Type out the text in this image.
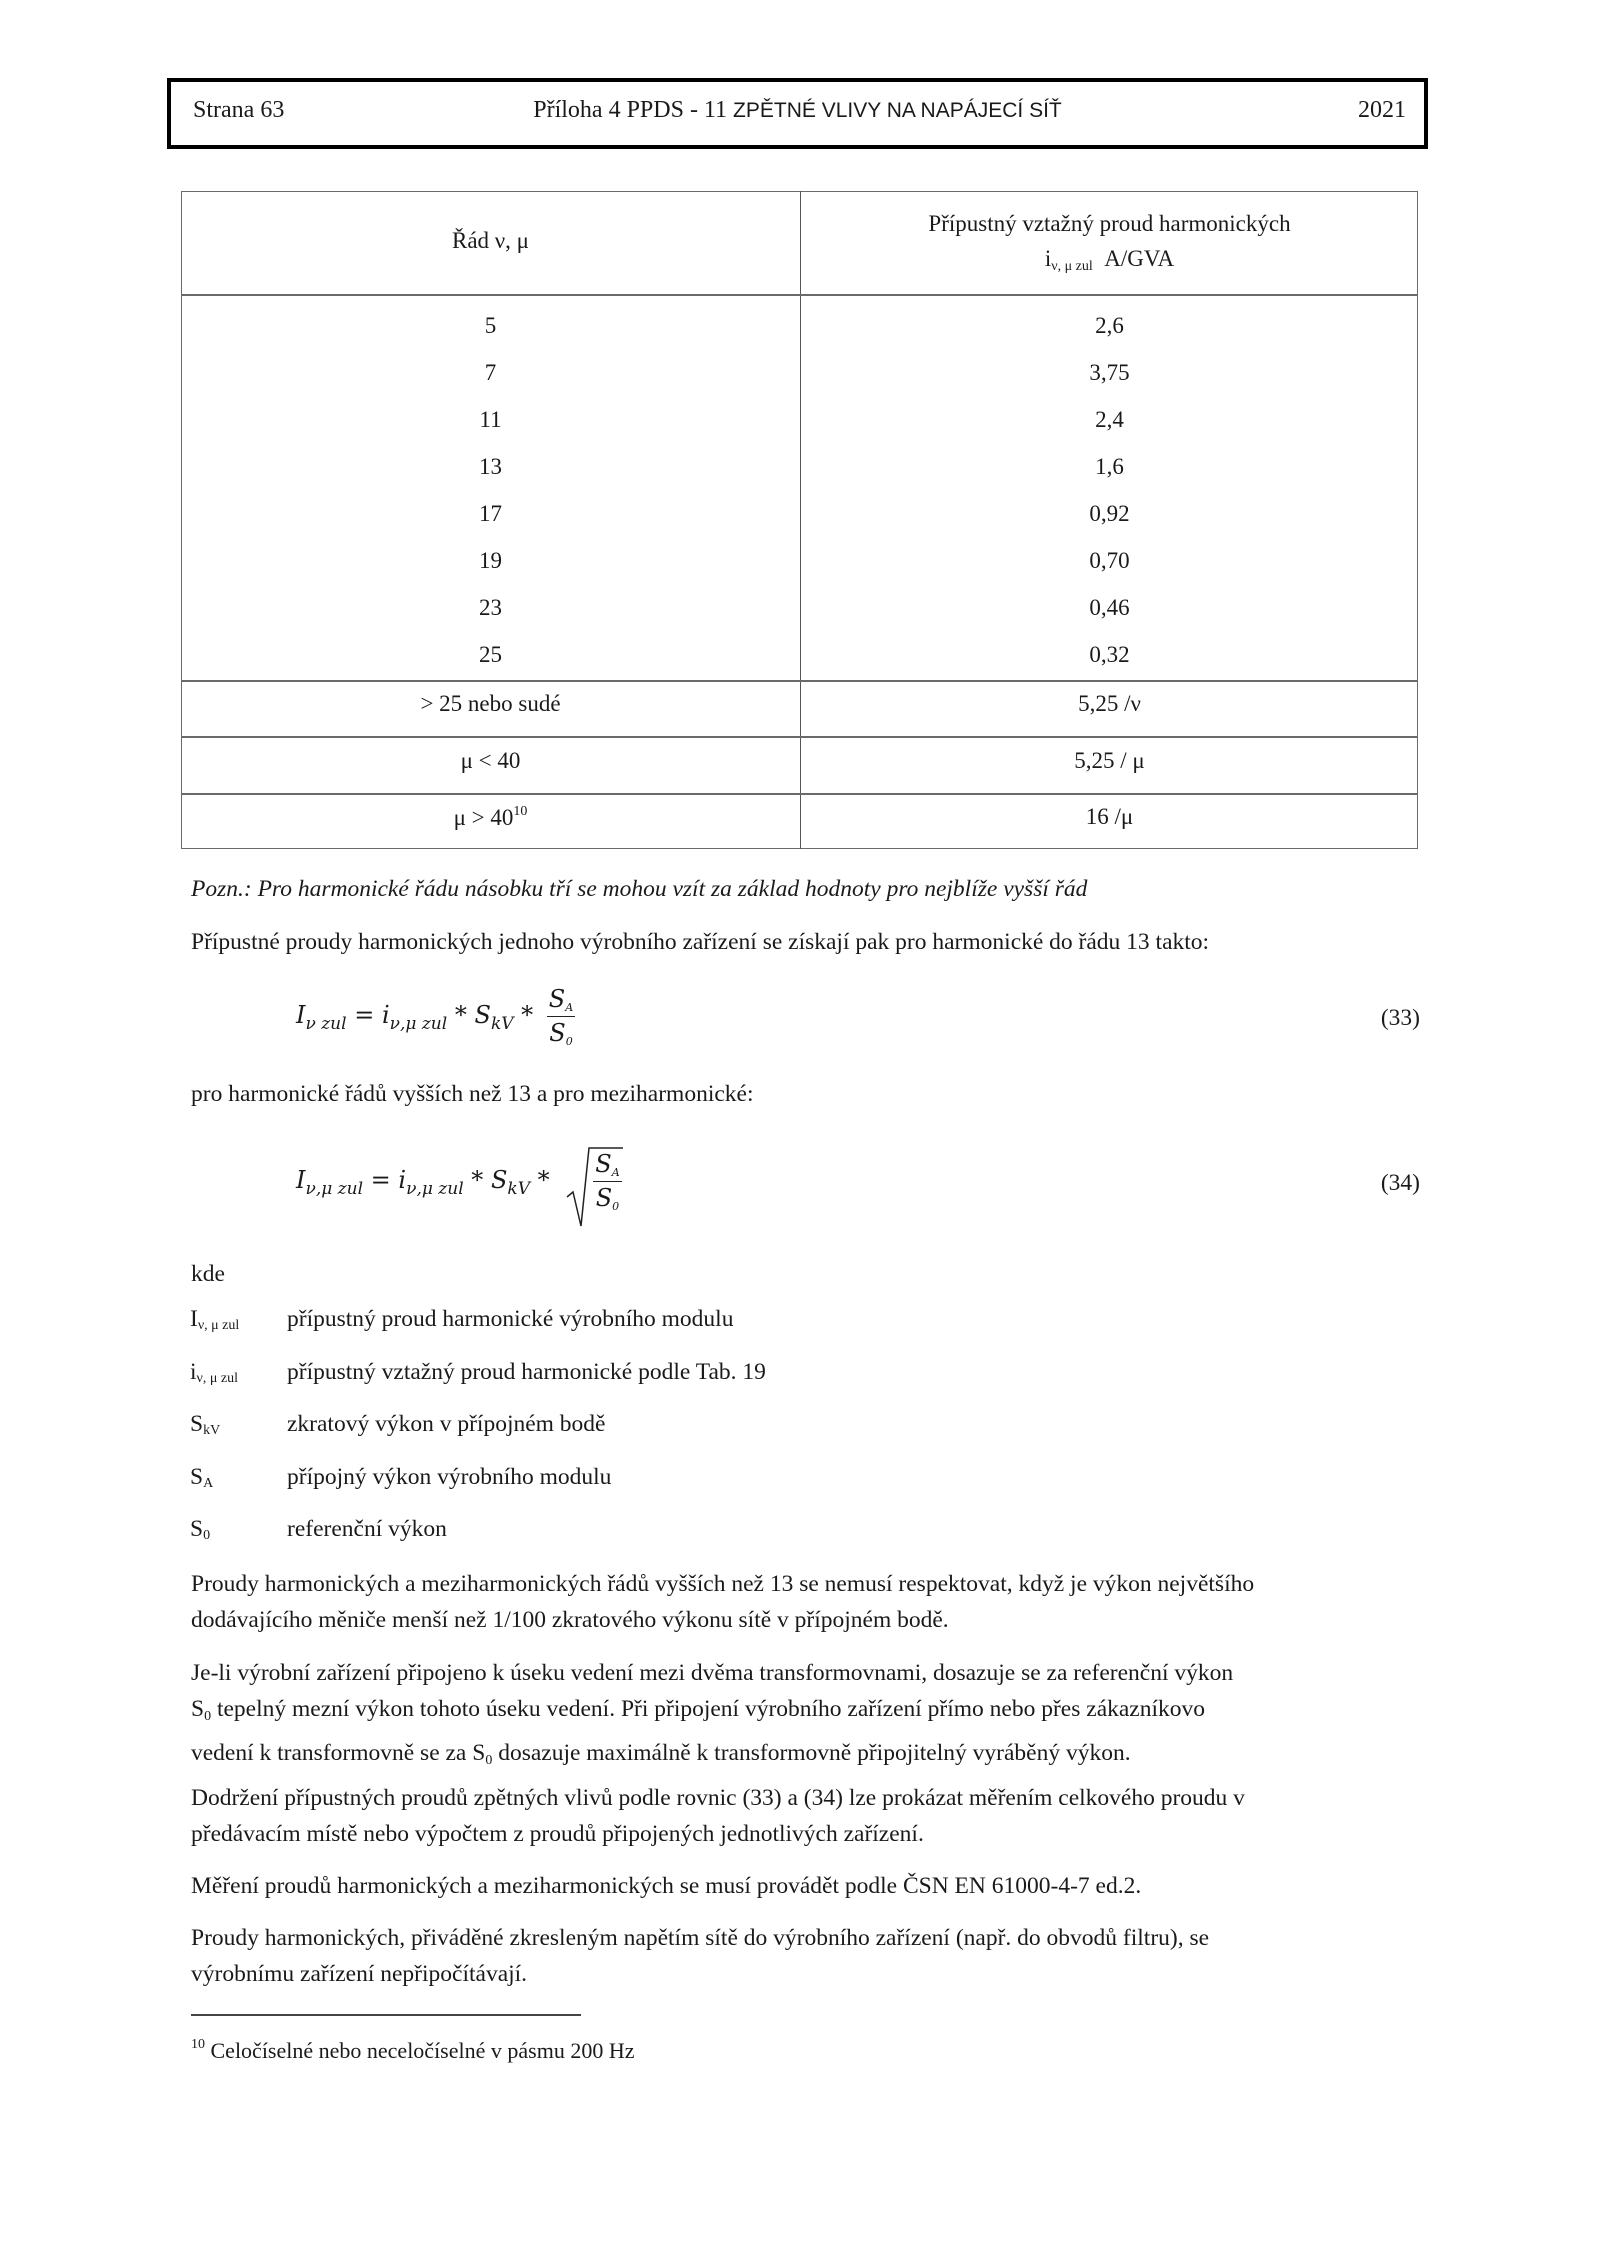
Strana 63	Příloha 4 PPDS - 11 ZPĚTNÉ VLIVY NA NAPÁJECÍ SÍŤ	2021
Řád ν, μ
Přípustný vztažný proud harmonických
$i_{\nu, \mu zul}$ A/GVA
5	2,6
7	3,75
11	2,4
13	1,6
17	0,92
19	0,70
23	0,46
25	0,32
> 25 nebo sudé	5,25 /ν
μ < 40	5,25 / μ
$\mu > 40^{10}$	16 /μ
Pozn.: Pro harmonické řádu násobku tří se mohou vzít za základ hodnoty pro nejblíže vyšší řád
Přípustné proudy harmonických jednoho výrobního zařízení se získají pak pro harmonické do řádu 13 takto:
$I_{\nu zul} = i_{\nu,\mu zul} * S_{kV} * \frac{SA}{S0}$	(33)
pro harmonické řádů vyšších než 13 a pro meziharmonické:
$I_{\nu,\mu zul} = i_{\nu,\mu zul} * S_{kV} * \frac{SA}{S0}$	(34)
kde
Iν, μ zul přípustný proud harmonické výrobního modulu
iν, μ zul přípustný vztažný proud harmonické podle Tab. 19
SkV	zkratový výkon v přípojném bodě
SA	přípojný výkon výrobního modulu
S0	referenční výkon
Proudy harmonických a meziharmonických řádů vyšších než 13 se nemusí respektovat, když je výkon největšího
dodávajícího měniče menší než 1/100 zkratového výkonu sítě v přípojném bodě.
Je-li výrobní zařízení připojeno k úseku vedení mezi dvěma transformovnami, dosazuje se za referenční výkon
$S_0$ tepelný mezní výkon tohoto úseku vedení. Při připojení výrobního zařízení přímo nebo přes zákazníkovo
vedení k transformovně se za $S_0$ dosazuje maximálně k transformovně připojitelný vyráběný výkon.
Dodržení přípustných proudů zpětných vlivů podle rovnic (33) a (34) lze prokázat měřením celkového proudu v
předávacím místě nebo výpočtem z proudů připojených jednotlivých zařízení.
Měření proudů harmonických a meziharmonických se musí provádět podle ČSN EN 61000-4-7 ed.2.
Proudy harmonických, přiváděné zkresleným napětím sítě do výrobního zařízení (např. do obvodů filtru), se
výrobnímu zařízení nepřipočítávají.
$^{10}$ Celočíselné nebo neceločíselné v pásmu 200 Hz
